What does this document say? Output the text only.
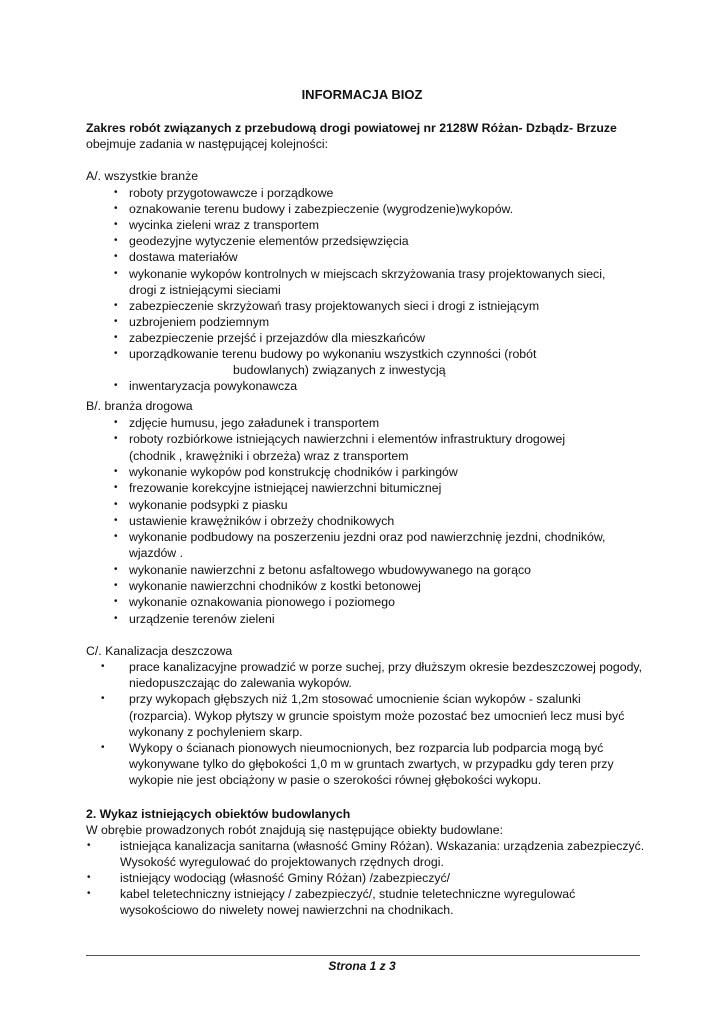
INFORMACJA BIOZ
Zakres robót związanych z przebudową drogi powiatowej nr 2128W Różan- Dzbądz- Brzuze
obejmuje zadania w następującej kolejności:
A/. wszystkie branże
• roboty przygotowawcze i porządkowe
• oznakowanie terenu budowy i zabezpieczenie (wygrodzenie)wykopów.
• wycinka zieleni wraz z transportem
• geodezyjne wytyczenie elementów przedsięwzięcia
• dostawa materiałów
• wykonanie wykopów kontrolnych w miejscach skrzyżowania trasy projektowanych sieci,
drogi z istniejącymi sieciami
• zabezpieczenie skrzyżowań trasy projektowanych sieci i drogi z istniejącym
• uzbrojeniem podziemnym
• zabezpieczenie przejść i przejazdów dla mieszkańców
• uporządkowanie terenu budowy po wykonaniu wszystkich czynności (robót
budowlanych) związanych z inwestycją
• inwentaryzacja powykonawcza
B/. branża drogowa
• zdjęcie humusu, jego załadunek i transportem
• roboty rozbiórkowe istniejących nawierzchni i elementów infrastruktury drogowej
(chodnik , krawężniki i obrzeża) wraz z transportem
• wykonanie wykopów pod konstrukcję chodników i parkingów
• frezowanie korekcyjne istniejącej nawierzchni bitumicznej
• wykonanie podsypki z piasku
• ustawienie krawężników i obrzeży chodnikowych
• wykonanie podbudowy na poszerzeniu jezdni oraz pod nawierzchnię jezdni, chodników,
wjazdów .
• wykonanie nawierzchni z betonu asfaltowego wbudowywanego na gorąco
• wykonanie nawierzchni chodników z kostki betonowej
• wykonanie oznakowania pionowego i poziomego
• urządzenie terenów zieleni
C/. Kanalizacja deszczowa
• prace kanalizacyjne prowadzić w porze suchej, przy dłuższym okresie bezdeszczowej pogody,
niedopuszczając do zalewania wykopów.
• przy wykopach głębszych niż 1,2m stosować umocnienie ścian wykopów - szalunki
(rozparcia). Wykop płytszy w gruncie spoistym może pozostać bez umocnień lecz musi być
wykonany z pochyleniem skarp.
• Wykopy o ścianach pionowych nieumocnionych, bez rozparcia lub podparcia mogą być
wykonywane tylko do głębokości 1,0 m w gruntach zwartych, w przypadku gdy teren przy
wykopie nie jest obciążony w pasie o szerokości równej głębokości wykopu.
2. Wykaz istniejących obiektów budowlanych
W obrębie prowadzonych robót znajdują się następujące obiekty budowlane:
• istniejąca kanalizacja sanitarna (własność Gminy Różan). Wskazania: urządzenia zabezpieczyć.
Wysokość wyregulować do projektowanych rzędnych drogi.
• istniejący wodociąg (własność Gminy Różan) /zabezpieczyć/
• kabel teletechniczny istniejący / zabezpieczyć/, studnie teletechniczne wyregulować
wysokościowo do niwelety nowej nawierzchni na chodnikach.
Strona 1 z 3
